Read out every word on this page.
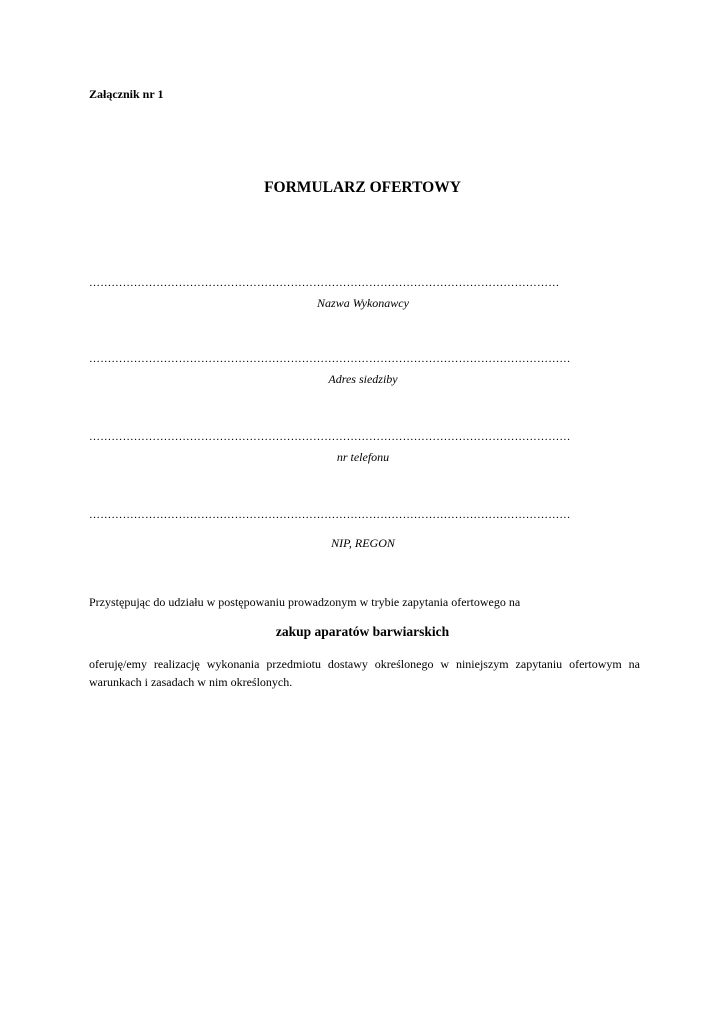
Załącznik nr 1
FORMULARZ OFERTOWY
………………………………………………………………………………………………………………
Nazwa Wykonawcy
…………………………………………………………………………………………………………………
Adres siedziby
…………………………………………………………………………………………………………………
nr telefonu
…………………………………………………………………………………………………………………
NIP, REGON
Przystępując do udziału w postępowaniu prowadzonym w trybie zapytania ofertowego na
zakup aparatów barwiarskich
oferuję/emy realizację wykonania przedmiotu dostawy określonego w niniejszym zapytaniu ofertowym na warunkach i zasadach w nim określonych.
